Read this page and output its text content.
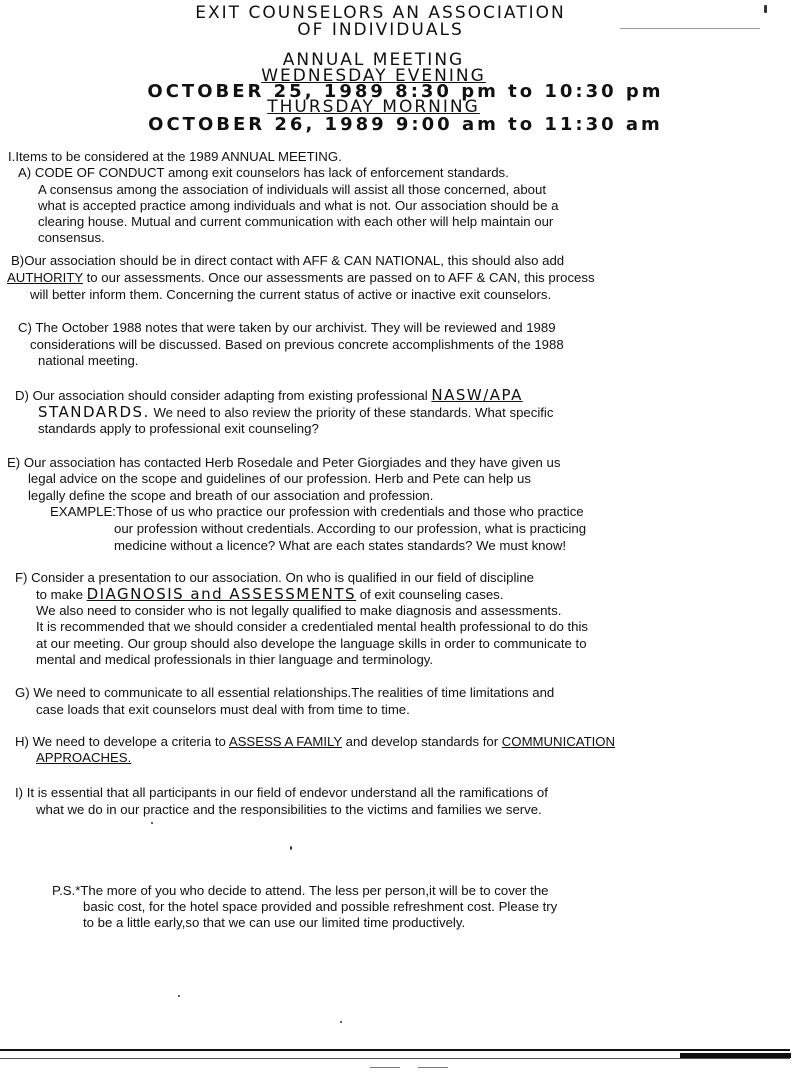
EXIT COUNSELORS AN ASSOCIATION
OF INDIVIDUALS
ANNUAL MEETING
WEDNESDAY EVENING
OCTOBER 25, 1989 8:30 pm to 10:30 pm
THURSDAY MORNING
OCTOBER 26, 1989 9:00 am to 11:30 am
I.Items to be considered at the 1989 ANNUAL MEETING.
A) CODE OF CONDUCT among exit counselors has lack of enforcement standards.
A consensus among the association of individuals will assist all those concerned, about
what is accepted practice among individuals and what is not. Our association should be a
clearing house. Mutual and current communication with each other will help maintain our
consensus.
B)Our association should be in direct contact with AFF & CAN NATIONAL, this should also add
AUTHORITY to our assessments. Once our assessments are passed on to AFF & CAN, this process
will better inform them. Concerning the current status of active or inactive exit counselors.
C) The October 1988 notes that were taken by our archivist. They will be reviewed and 1989
considerations will be discussed. Based on previous concrete accomplishments of the 1988
national meeting.
D) Our association should consider adapting from existing professional NASW/APA
STANDARDS. We need to also review the priority of these standards. What specific
standards apply to professional exit counseling?
E) Our association has contacted Herb Rosedale and Peter Giorgiades and they have given us
legal advice on the scope and guidelines of our profession. Herb and Pete can help us
legally define the scope and breath of our association and profession.
EXAMPLE:Those of us who practice our profession with credentials and those who practice
our profession without credentials. According to our profession, what is practicing
medicine without a licence? What are each states standards? We must know!
F) Consider a presentation to our association. On who is qualified in our field of discipline
to make DIAGNOSIS and ASSESSMENTS of exit counseling cases.
We also need to consider who is not legally qualified to make diagnosis and assessments.
It is recommended that we should consider a credentialed mental health professional to do this
at our meeting. Our group should also develope the language skills in order to communicate to
mental and medical professionals in thier language and terminology.
G) We need to communicate to all essential relationships.The realities of time limitations and
case loads that exit counselors must deal with from time to time.
H) We need to develope a criteria to ASSESS A FAMILY and develop standards for COMMUNICATION
APPROACHES.
I) It is essential that all participants in our field of endevor understand all the ramifications of
what we do in our practice and the responsibilities to the victims and families we serve.
P.S.*The more of you who decide to attend. The less per person,it will be to cover the
basic cost, for the hotel space provided and possible refreshment cost. Please try
to be a little early,so that we can use our limited time productively.
